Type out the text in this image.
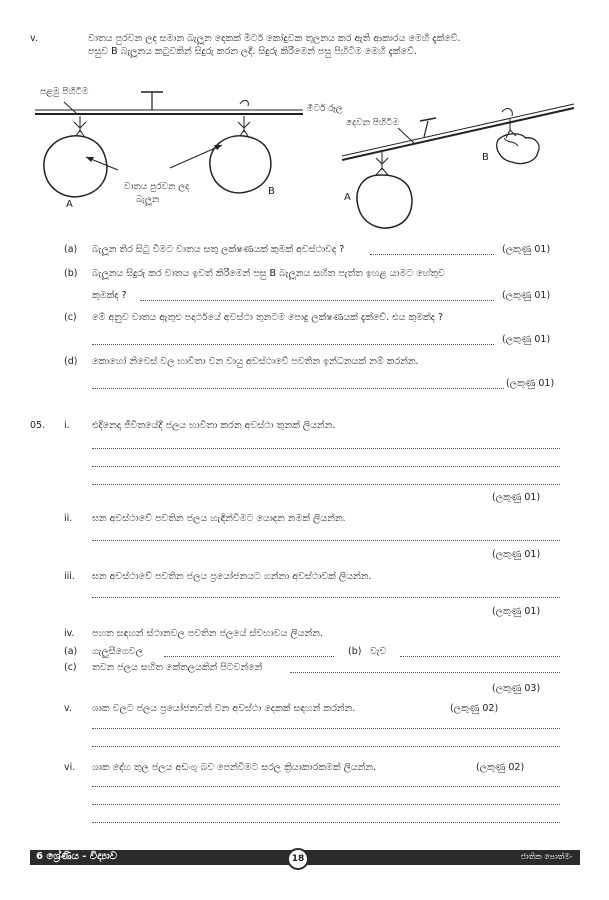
v.	වාතය පුරවන ලද සමාන බැලූන දෙකක් මීටර් කෝදුවක තුලනය කර ඇති ආකාරය මෙහි දැක්වේ.
පසුව B බැලූනය කටුවකින් සිදුරු කරන ලදී. සිදුරු කිරීමෙන් පසු පිහිටීම මෙහි දැක්වේ.
පළමු පිහිටීම
මීටර් රූල
දෙවන පිහිටීම
වාතය පුරවන ලද
බැලූන
A
B
A
B
(a) බැලූන තිර සිටු වීමට වාතය සතු ලක්ෂණයක් කුමක් අවස්ථාවද ?	(ලකුණු 01)
(b) බැලූනය සිදුරු කර වාතය ඉවත් කිරීමෙන් පසු B බැලූනය සහිත පැත්ත ඉහළ යාමට හේතුව
කුමක්ද ?	(ලකුණු 01)
(c) මේ අනුව වාතය ඇතුළු පදාර්ථයේ අවස්ථා තුනටම පොදු ලක්ෂණයක් දැක්වේ. එය කුමක්ද ?
(ලකුණු 01)
(d) කොහෝ නිවෙස් වල භාවිතා වන වායු අවස්ථාවේ පවතින ඉන්ධනයක් නම් කරන්න.
(ලකුණු 01)
05. i. එදිනෙදා ජීවිතයේදී ජලය භාවිතා කරන අවස්ථා තුනක් ලියන්න.
(ලකුණු 01)
ii. ඝන අවස්ථාවේ පවතින ජලය හැඳින්වීමට යොදන නමක් ලියන්න.
(ලකුණු 01)
iii. ඝන අවස්ථාවේ පවතින ජලය ප්‍රයෝජනයට ගන්නා අවස්ථාවක් ලියන්න.
(ලකුණු 01)
iv. පහත සඳහන් ස්ථානවල පවතින ජලයේ ස්වභාවය ලියන්න.
(a) ගැලුසීගෙවල	(b) වැව
(c) තවන ජලය සහිත කේතලයකින් පිටවන්නේ
(ලකුණු 03)
v. ශාක වලට ජලය ප්‍රයෝජනවත් වන අවස්ථා දෙකක් සඳහන් කරන්න.	(ලකුණු 02)
vi. ශාක දේහ තුල ජලය අඩංගු බව පෙන්වීමට සරල ක්‍රියාකාරකමක් ලියන්න.	(ලකුණු 02)
6 ශ්‍රේණිය - විද්‍යාව	ජාතික පොත්මං
18
